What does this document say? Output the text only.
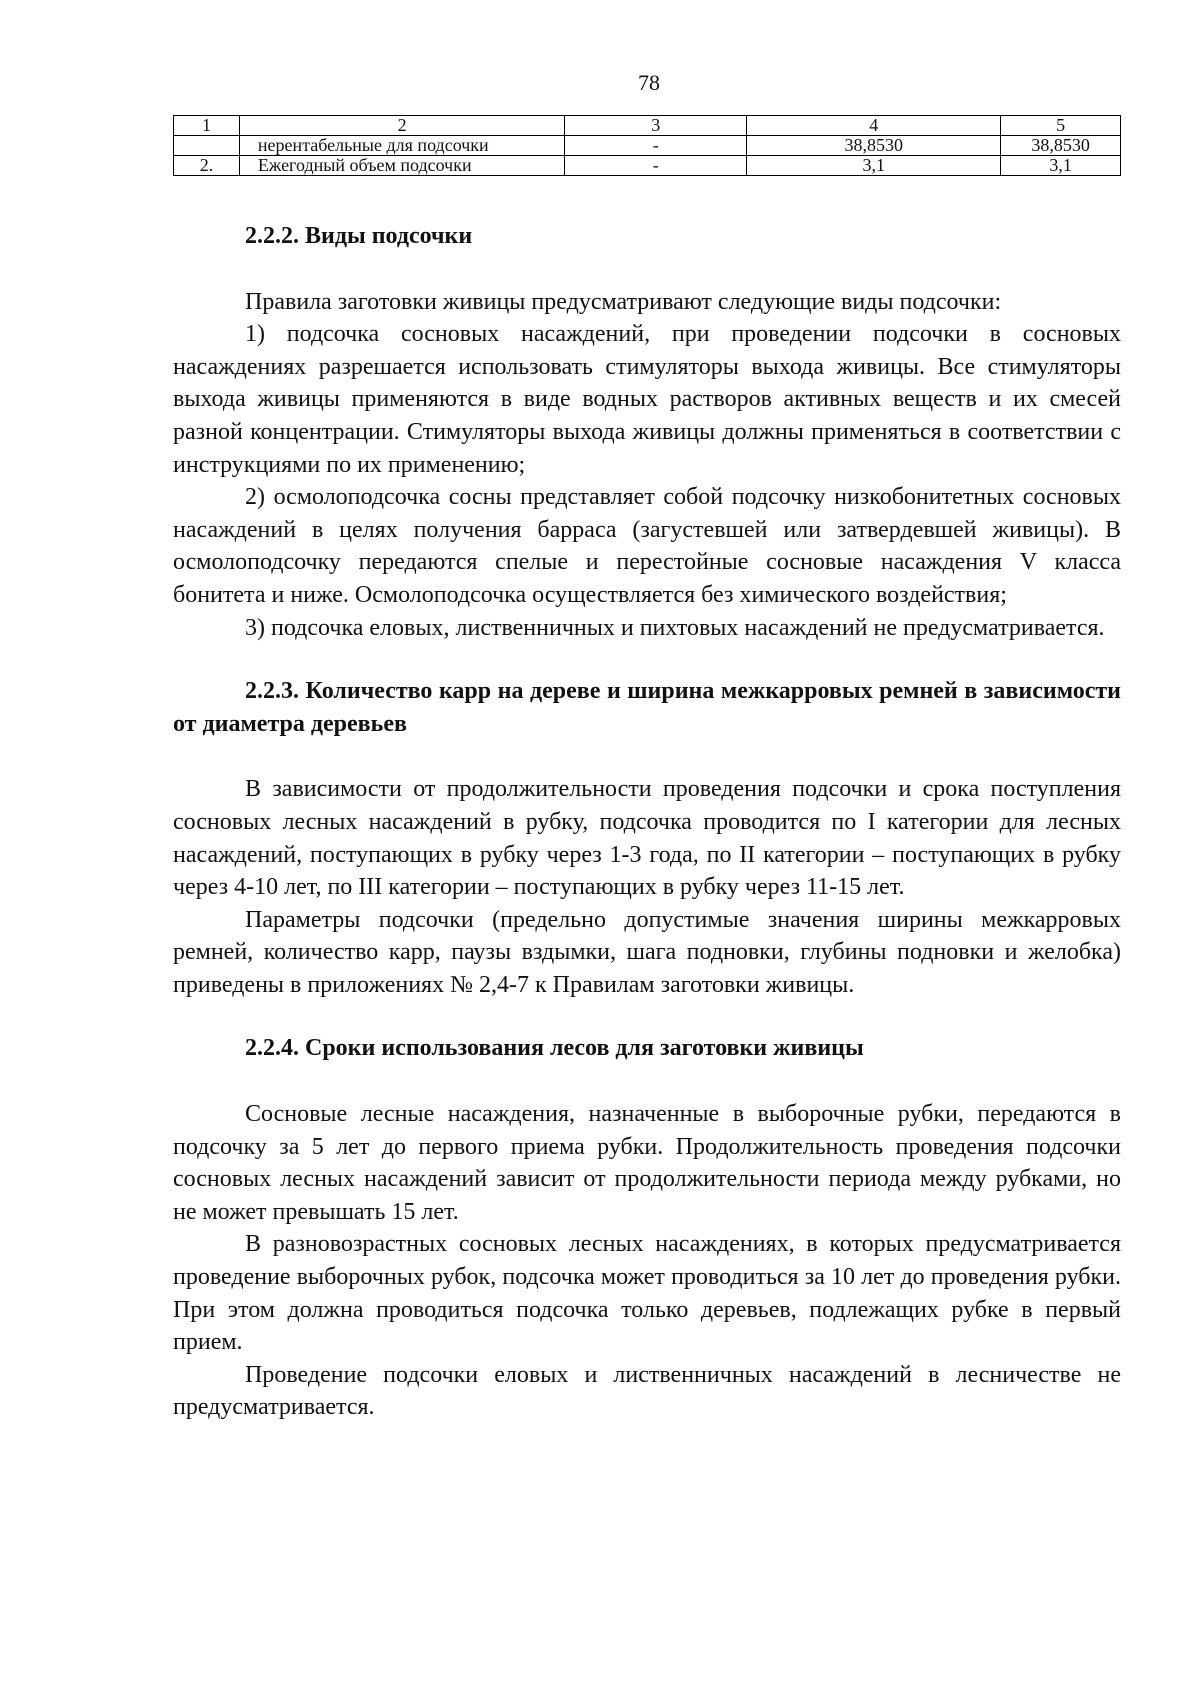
78
1	2	3	4	5
	нерентабельные для подсочки	-	38,8530	38,8530
2.	Ежегодный объем подсочки	-	3,1	3,1
2.2.2. Виды подсочки

Правила заготовки живицы предусматривают следующие виды подсочки:

1) подсочка сосновых насаждений, при проведении подсочки в сосновых насаждениях разрешается использовать стимуляторы выхода живицы. Все стимуляторы выхода живицы применяются в виде водных растворов активных веществ и их смесей разной концентрации. Стимуляторы выхода живицы должны применяться в соответствии с инструкциями по их применению;

2) осмолоподсочка сосны представляет собой подсочку низкобонитетных сосновых насаждений в целях получения барраса (загустевшей или затвердевшей живицы). В осмолоподсочку передаются спелые и перестойные сосновые насаждения V класса бонитета и ниже. Осмолоподсочка осуществляется без химического воздействия;

3) подсочка еловых, лиственничных и пихтовых насаждений не предусматривается.

2.2.3. Количество карр на дереве и ширина межкарровых ремней в зависимости от диаметра деревьев

В зависимости от продолжительности проведения подсочки и срока поступления сосновых лесных насаждений в рубку, подсочка проводится по I категории для лесных насаждений, поступающих в рубку через 1-3 года, по II категории – поступающих в рубку через 4-10 лет, по III категории – поступающих в рубку через 11-15 лет.

Параметры подсочки (предельно допустимые значения ширины межкарровых ремней, количество карр, паузы вздымки, шага подновки, глубины подновки и желобка) приведены в приложениях № 2,4-7 к Правилам заготовки живицы.

2.2.4. Сроки использования лесов для заготовки живицы

Сосновые лесные насаждения, назначенные в выборочные рубки, передаются в подсочку за 5 лет до первого приема рубки. Продолжительность проведения подсочки сосновых лесных насаждений зависит от продолжительности периода между рубками, но не может превышать 15 лет.

В разновозрастных сосновых лесных насаждениях, в которых предусматривается проведение выборочных рубок, подсочка может проводиться за 10 лет до проведения рубки. При этом должна проводиться подсочка только деревьев, подлежащих рубке в первый прием.

Проведение подсочки еловых и лиственничных насаждений в лесничестве не предусматривается.
